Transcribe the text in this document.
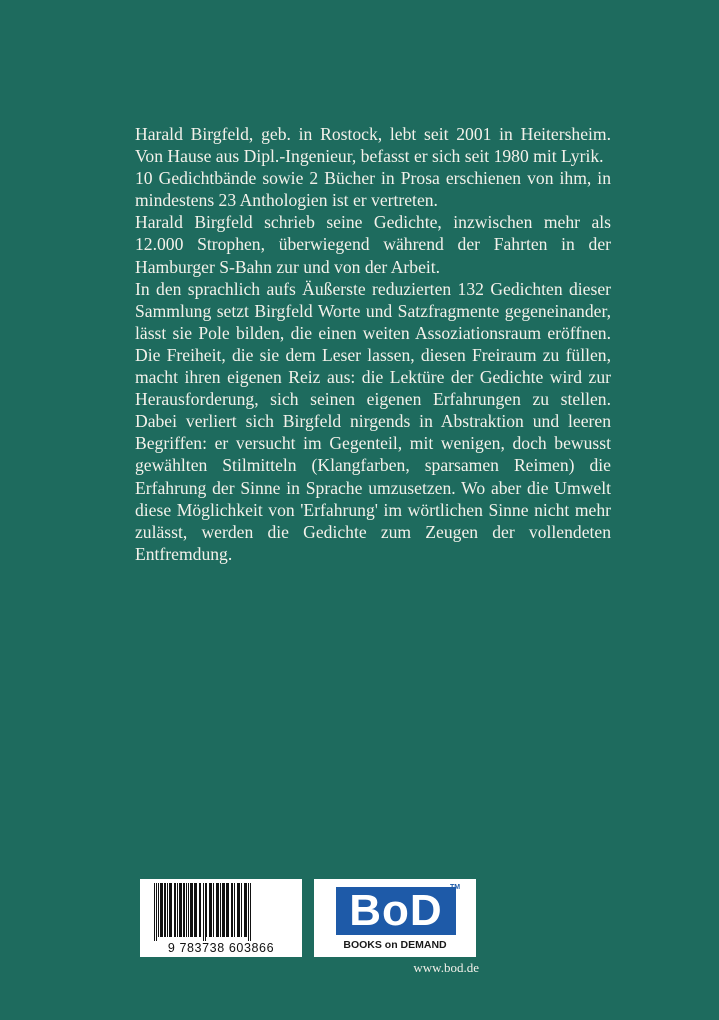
Harald Birgfeld, geb. in Rostock, lebt seit 2001 in Heitersheim. Von Hause aus Dipl.-Ingenieur, befasst er sich seit 1980 mit Lyrik.

10 Gedichtbände sowie 2 Bücher in Prosa erschienen von ihm, in mindestens 23 Anthologien ist er vertreten.

Harald Birgfeld schrieb seine Gedichte, inzwischen mehr als 12.000 Strophen, überwiegend während der Fahrten in der Hamburger S-Bahn zur und von der Arbeit.

In den sprachlich aufs Äußerste reduzierten 132 Gedichten dieser Sammlung setzt Birgfeld Worte und Satzfragmente gegeneinander, lässt sie Pole bilden, die einen weiten Assoziationsraum eröffnen. Die Freiheit, die sie dem Leser lassen, diesen Freiraum zu füllen, macht ihren eigenen Reiz aus: die Lektüre der Gedichte wird zur Herausforderung, sich seinen eigenen Erfahrungen zu stellen. Dabei verliert sich Birgfeld nirgends in Abstraktion und leeren Begriffen: er versucht im Gegenteil, mit wenigen, doch bewusst gewählten Stilmitteln (Klangfarben, sparsamen Reimen) die Erfahrung der Sinne in Sprache umzusetzen. Wo aber die Umwelt diese Möglichkeit von 'Erfahrung' im wörtlichen Sinne nicht mehr zulässt, werden die Gedichte zum Zeugen der vollendeten Entfremdung.

9 783738 603866
BoD	TM
BOOKS on DEMAND
www.bod.de
